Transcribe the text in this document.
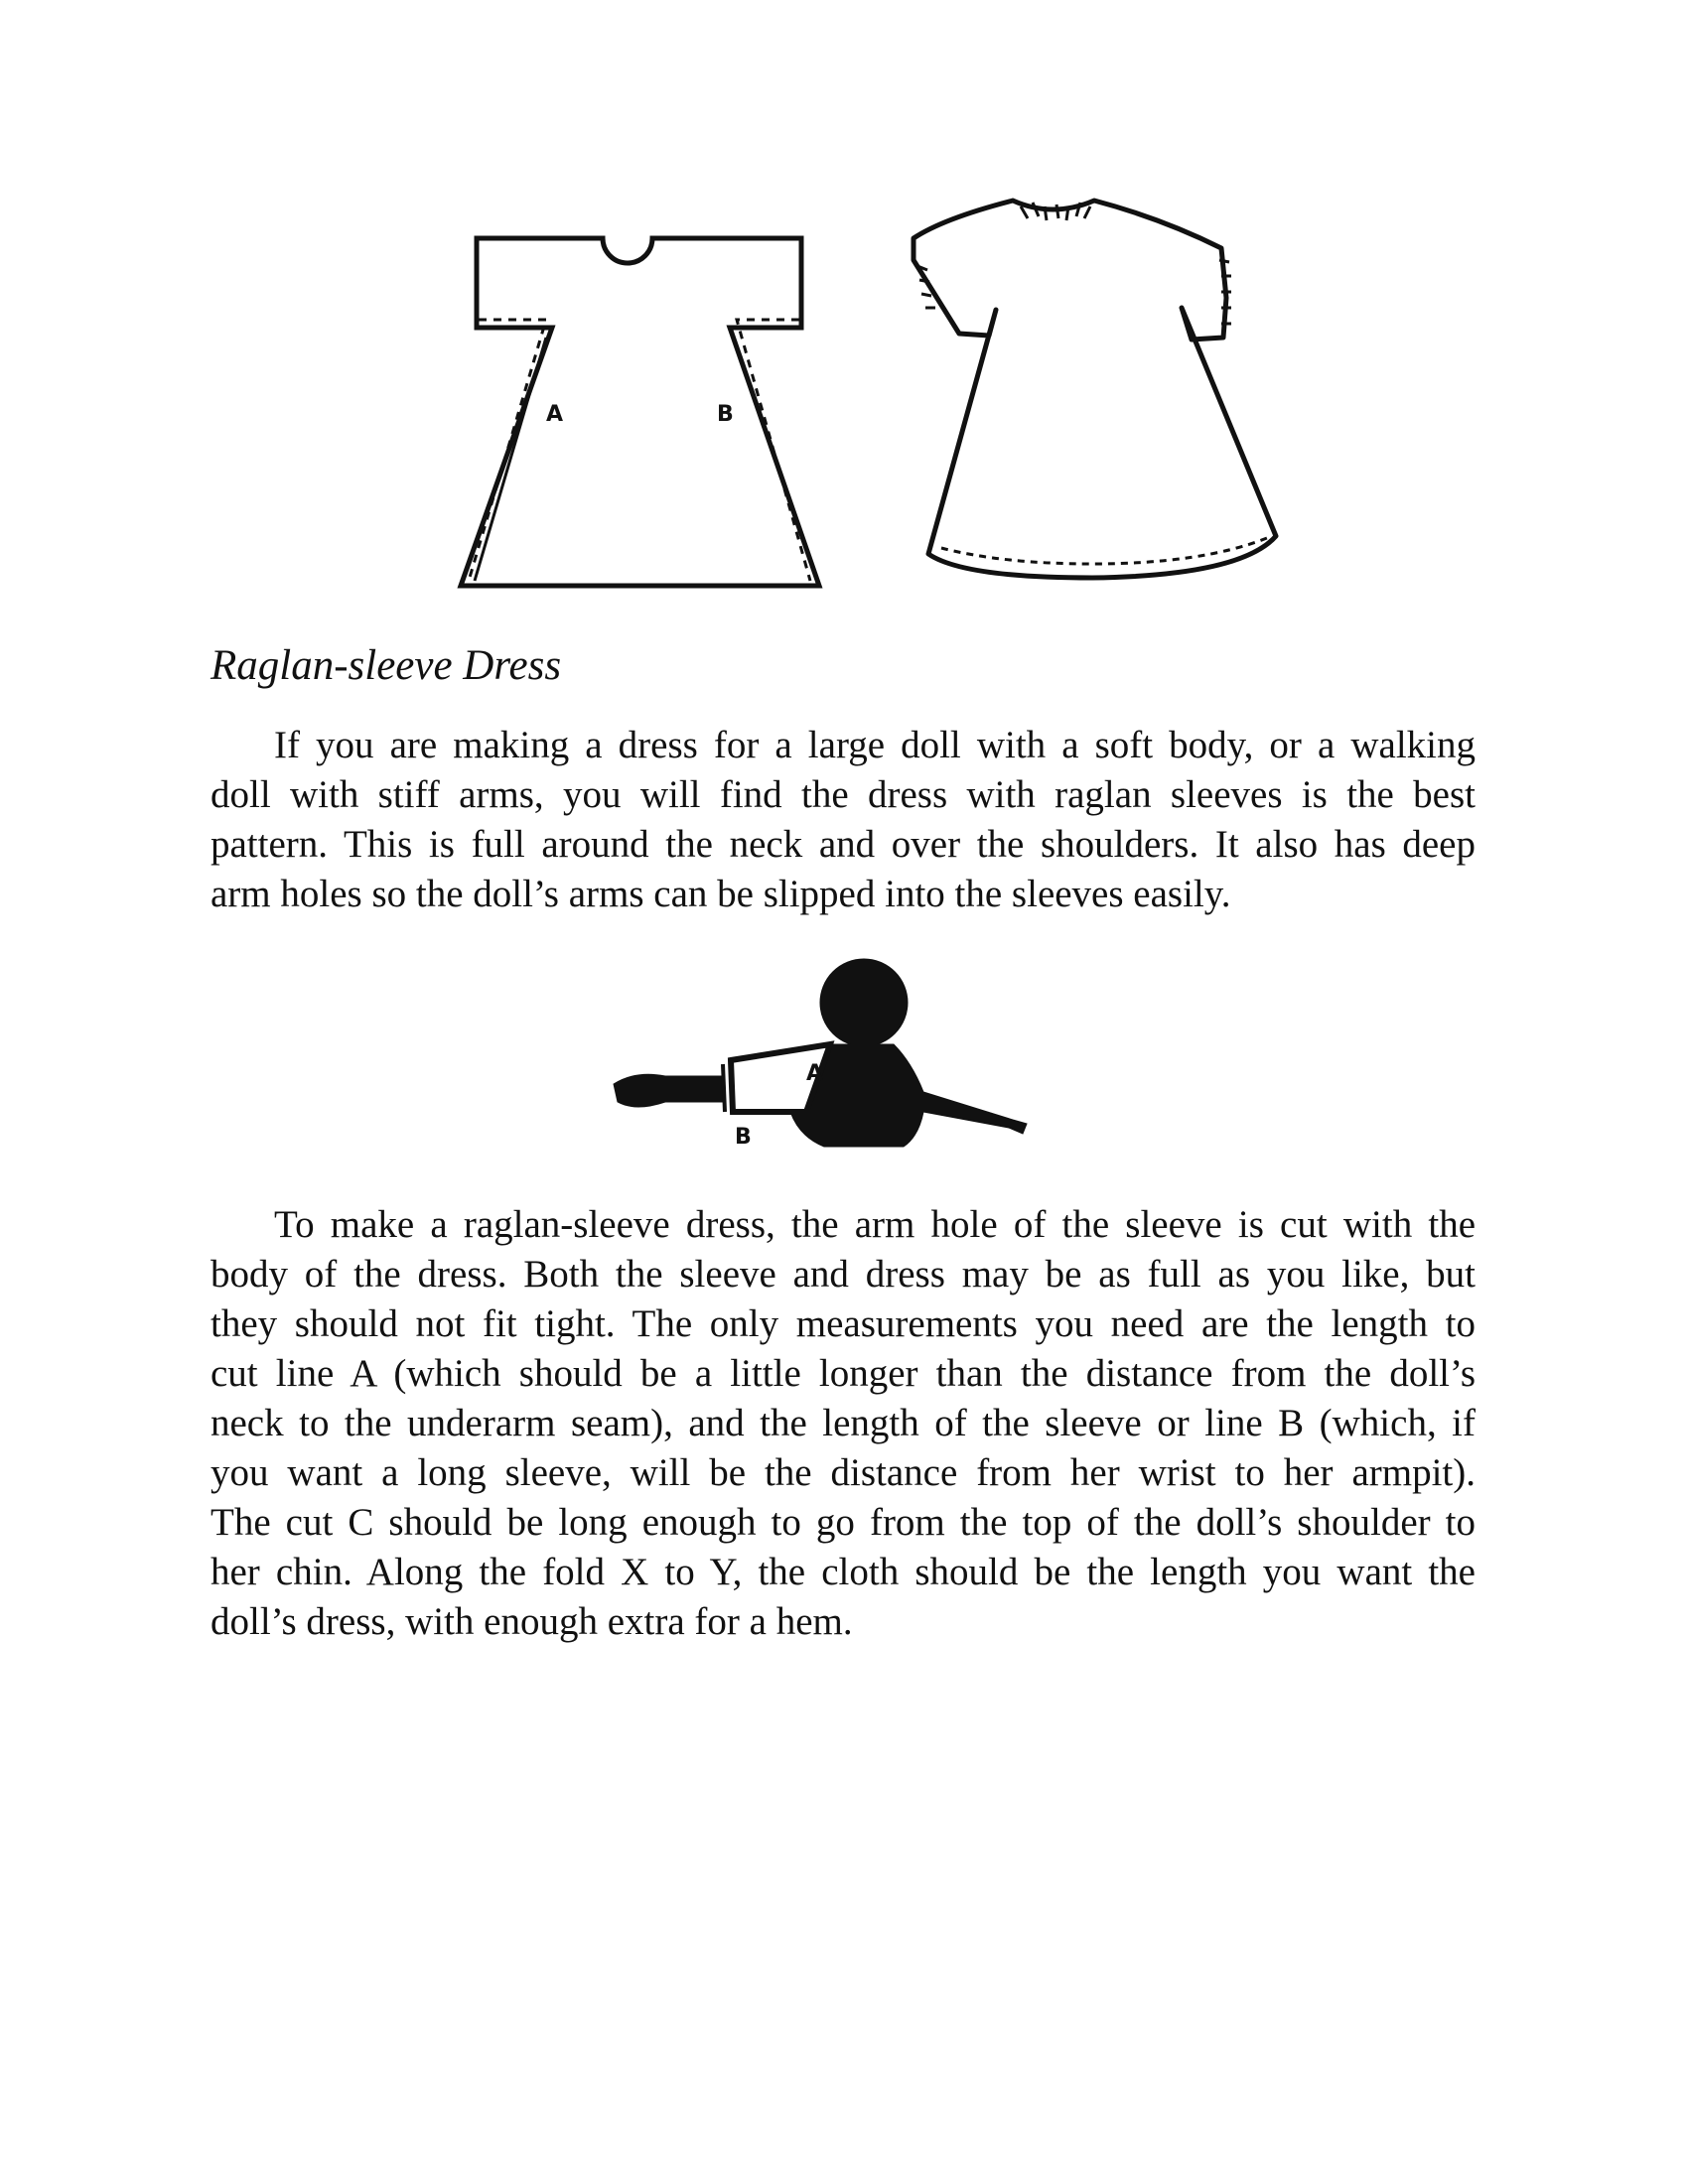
A	B
Raglan-sleeve Dress

If you are making a dress for a large doll with a soft body, or a walking
doll with stiff arms, you will find the dress with raglan sleeves is the best
pattern. This is full around the neck and over the shoulders. It also has deep
arm holes so the doll’s arms can be slipped into the sleeves easily.

A
B

To make a raglan-sleeve dress, the arm hole of the sleeve is cut with the
body of the dress. Both the sleeve and dress may be as full as you like, but
they should not fit tight. The only measurements you need are the length to
cut line A (which should be a little longer than the distance from the doll’s
neck to the underarm seam), and the length of the sleeve or line B (which, if
you want a long sleeve, will be the distance from her wrist to her armpit).
The cut C should be long enough to go from the top of the doll’s shoulder to
her chin. Along the fold X to Y, the cloth should be the length you want the
doll’s dress, with enough extra for a hem.
